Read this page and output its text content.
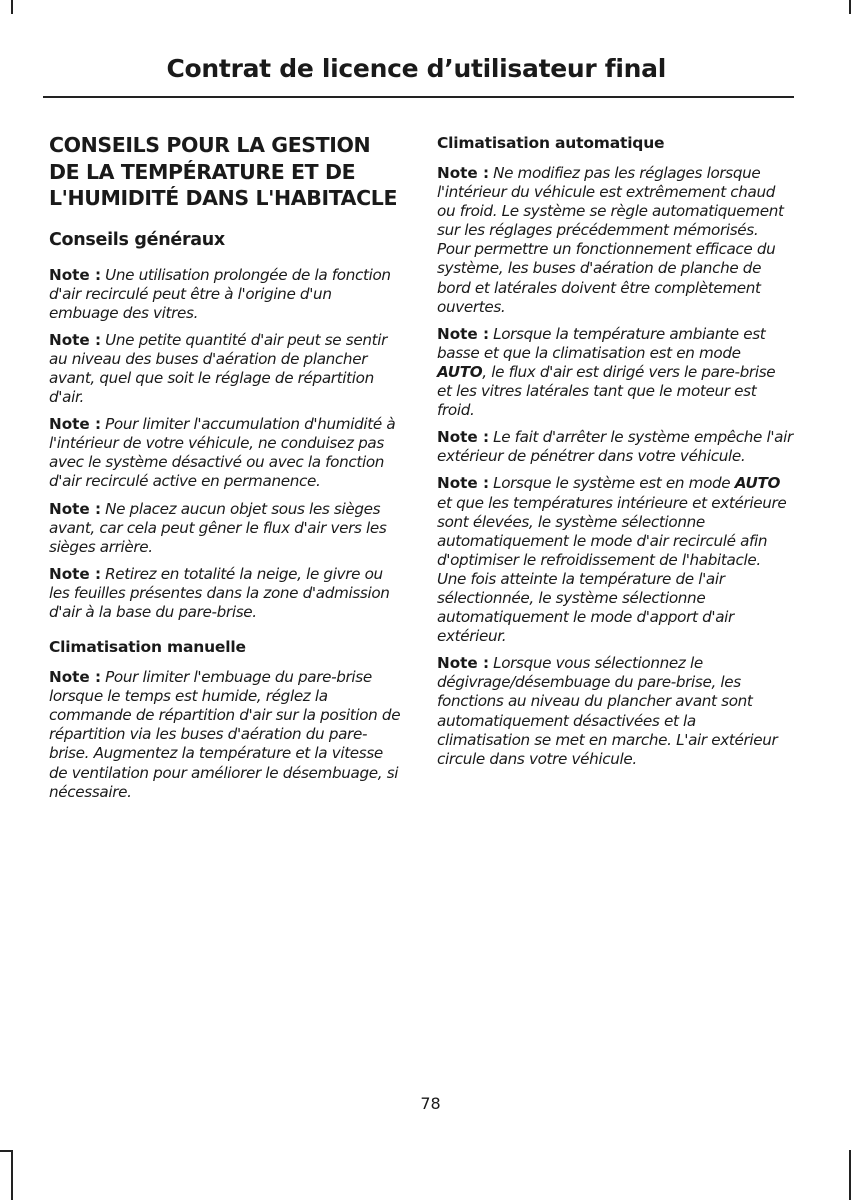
Contrat de licence d’utilisateur final
CONSEILS POUR LA GESTION DE LA TEMPÉRATURE ET DE L'HUMIDITÉ DANS L'HABITACLE
Conseils généraux

Note : Une utilisation prolongée de la fonction d'air recirculé peut être à l'origine d'un embuage des vitres.

Note : Une petite quantité d'air peut se sentir au niveau des buses d'aération de plancher avant, quel que soit le réglage de répartition d'air.

Note : Pour limiter l'accumulation d'humidité à l'intérieur de votre véhicule, ne conduisez pas avec le système désactivé ou avec la fonction d'air recirculé active en permanence.

Note : Ne placez aucun objet sous les sièges avant, car cela peut gêner le flux d'air vers les sièges arrière.

Note : Retirez en totalité la neige, le givre ou les feuilles présentes dans la zone d'admission d'air à la base du pare-brise.

Climatisation manuelle

Note : Pour limiter l'embuage du pare-brise lorsque le temps est humide, réglez la commande de répartition d'air sur la position de répartition via les buses d'aération du pare-brise. Augmentez la température et la vitesse de ventilation pour améliorer le désembuage, si nécessaire.

Climatisation automatique

Note : Ne modifiez pas les réglages lorsque l'intérieur du véhicule est extrêmement chaud ou froid. Le système se règle automatiquement sur les réglages précédemment mémorisés. Pour permettre un fonctionnement efficace du système, les buses d'aération de planche de bord et latérales doivent être complètement ouvertes.

Note : Lorsque la température ambiante est basse et que la climatisation est en mode AUTO, le flux d'air est dirigé vers le pare-brise et les vitres latérales tant que le moteur est froid.

Note : Le fait d'arrêter le système empêche l'air extérieur de pénétrer dans votre véhicule.

Note : Lorsque le système est en mode AUTO et que les températures intérieure et extérieure sont élevées, le système sélectionne automatiquement le mode d'air recirculé afin d'optimiser le refroidissement de l'habitacle. Une fois atteinte la température de l'air sélectionnée, le système sélectionne automatiquement le mode d'apport d'air extérieur.

Note : Lorsque vous sélectionnez le dégivrage/désembuage du pare-brise, les fonctions au niveau du plancher avant sont automatiquement désactivées et la climatisation se met en marche. L'air extérieur circule dans votre véhicule.

78
